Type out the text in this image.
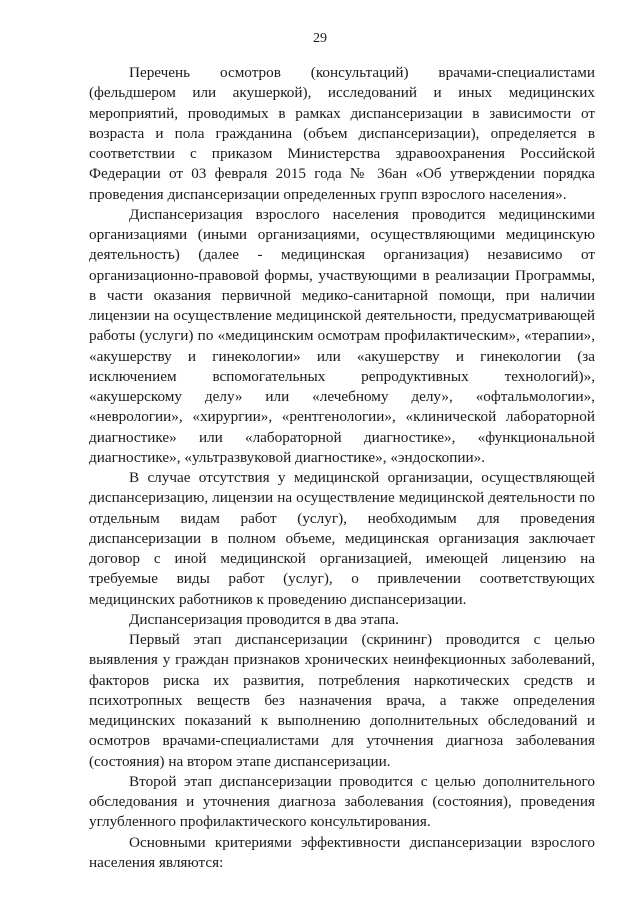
29

Перечень осмотров (консультаций) врачами-специалистами (фельдшером или акушеркой), исследований и иных медицинских мероприятий, проводимых в рамках диспансеризации в зависимости от возраста и пола гражданина (объем диспансеризации), определяется в соответствии с приказом Министерства здравоохранения Российской Федерации от 03 февраля 2015 года № 36ан «Об утверждении порядка проведения диспансеризации определенных групп взрослого населения».

Диспансеризация взрослого населения проводится медицинскими организациями (иными организациями, осуществляющими медицинскую деятельность) (далее - медицинская организация) независимо от организационно-правовой формы, участвующими в реализации Программы, в части оказания первичной медико-санитарной помощи, при наличии лицензии на осуществление медицинской деятельности, предусматривающей работы (услуги) по «медицинским осмотрам профилактическим», «терапии», «акушерству и гинекологии» или «акушерству и гинекологии (за исключением вспомогательных репродуктивных технологий)», «акушерскому делу» или «лечебному делу», «офтальмологии», «неврологии», «хирургии», «рентгенологии», «клинической лабораторной диагностике» или «лабораторной диагностике», «функциональной диагностике», «ультразвуковой диагностике», «эндоскопии».

В случае отсутствия у медицинской организации, осуществляющей диспансеризацию, лицензии на осуществление медицинской деятельности по отдельным видам работ (услуг), необходимым для проведения диспансеризации в полном объеме, медицинская организация заключает договор с иной медицинской организацией, имеющей лицензию на требуемые виды работ (услуг), о привлечении соответствующих медицинских работников к проведению диспансеризации.

Диспансеризация проводится в два этапа.

Первый этап диспансеризации (скрининг) проводится с целью выявления у граждан признаков хронических неинфекционных заболеваний, факторов риска их развития, потребления наркотических средств и психотропных веществ без назначения врача, а также определения медицинских показаний к выполнению дополнительных обследований и осмотров врачами-специалистами для уточнения диагноза заболевания (состояния) на втором этапе диспансеризации.

Второй этап диспансеризации проводится с целью дополнительного обследования и уточнения диагноза заболевания (состояния), проведения углубленного профилактического консультирования.

Основными критериями эффективности диспансеризации взрослого населения являются:
